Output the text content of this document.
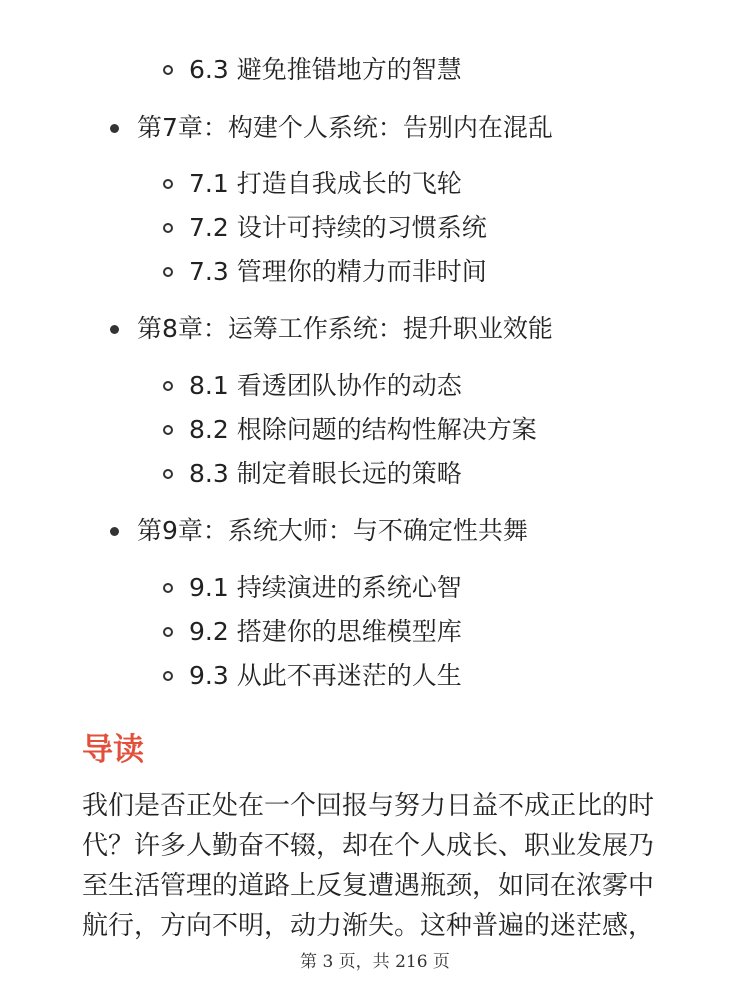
6.3 避免推错地方的智慧
第7章：构建个人系统：告别内在混乱
7.1 打造自我成长的飞轮
7.2 设计可持续的习惯系统
7.3 管理你的精力而非时间
第8章：运筹工作系统：提升职业效能
8.1 看透团队协作的动态
8.2 根除问题的结构性解决方案
8.3 制定着眼长远的策略
第9章：系统大师：与不确定性共舞
9.1 持续演进的系统心智
9.2 搭建你的思维模型库
9.3 从此不再迷茫的人生
导读
我们是否正处在一个回报与努力日益不成正比的时
代？许多人勤奋不辍，却在个人成长、职业发展乃
至生活管理的道路上反复遭遇瓶颈，如同在浓雾中
航行，方向不明，动力渐失。这种普遍的迷茫感，
第 3 页，共 216 页
